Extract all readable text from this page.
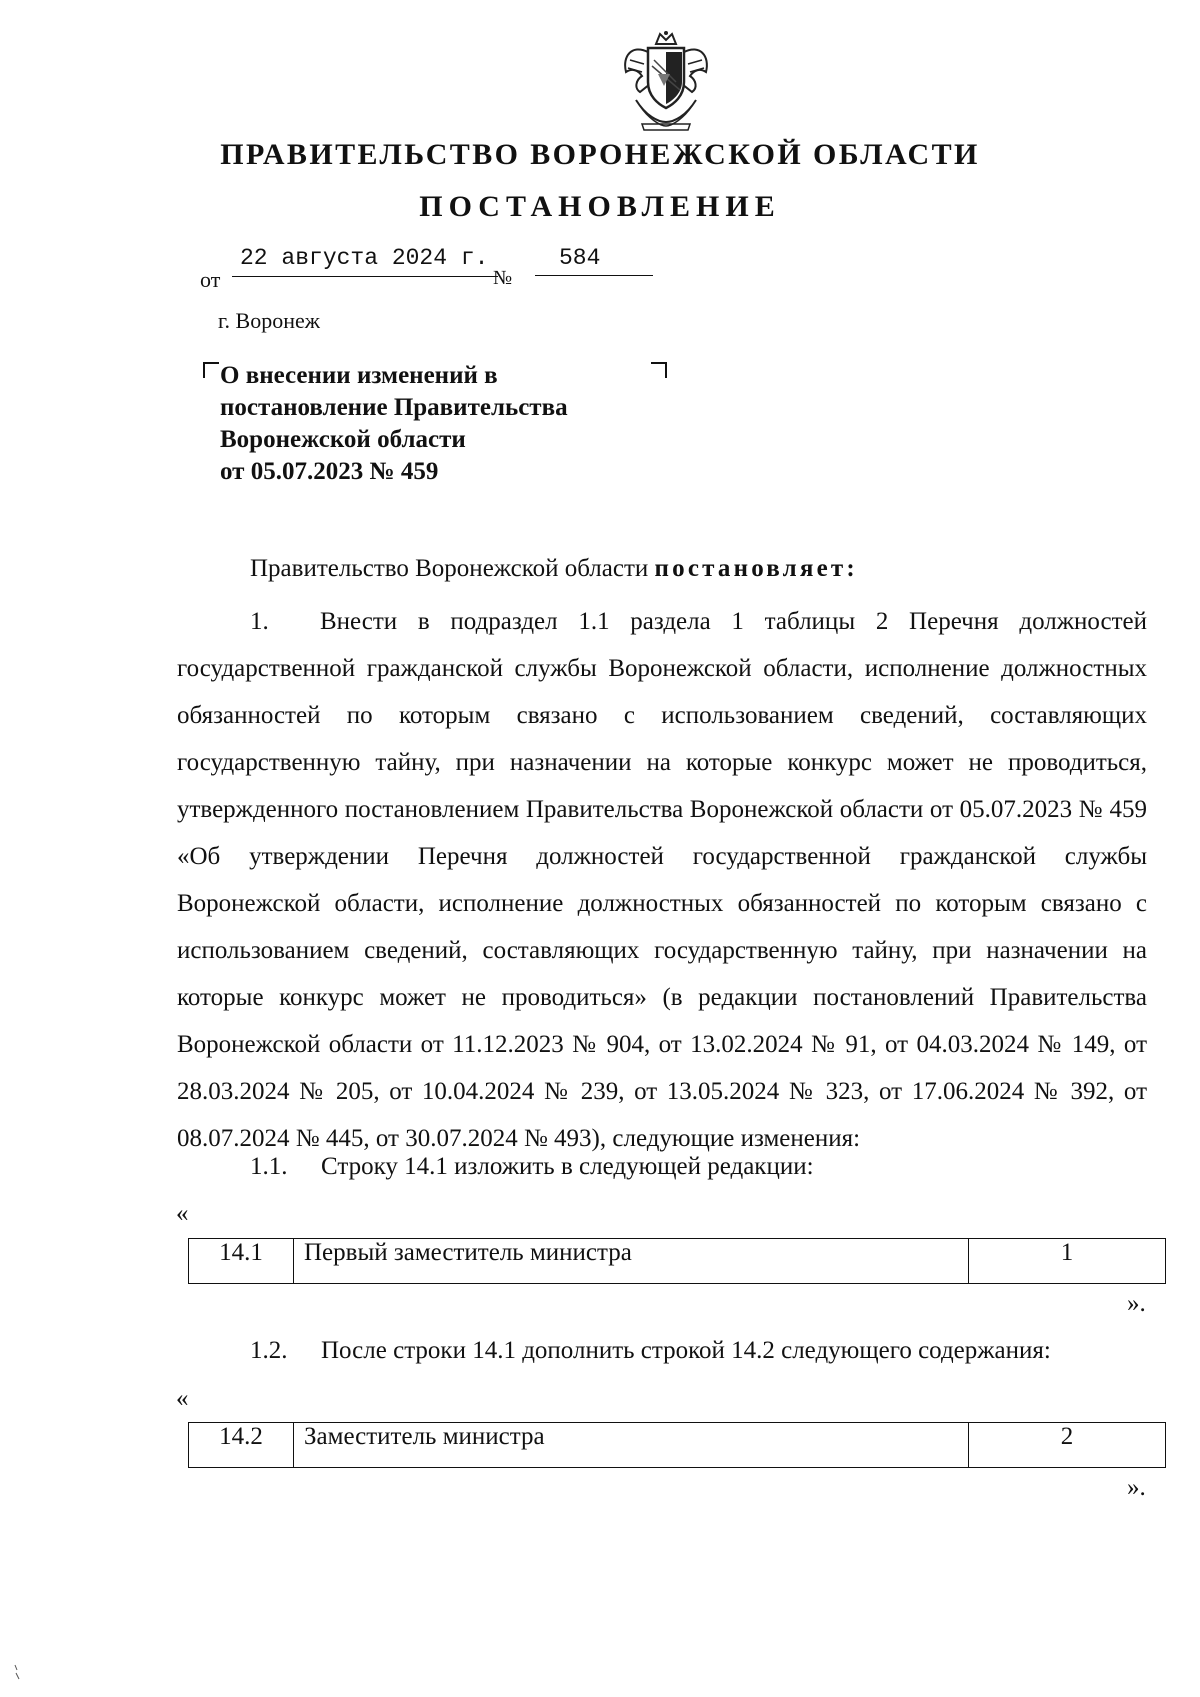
ПРАВИТЕЛЬСТВО ВОРОНЕЖСКОЙ ОБЛАСТИ
ПОСТАНОВЛЕНИЕ
от
22 августа 2024 г.
№
584
г. Воронеж
О внесении изменений в
постановление Правительства
Воронежской области
от 05.07.2023 № 459
Правительство Воронежской области постановляет:
1. Внести в подраздел 1.1 раздела 1 таблицы 2 Перечня должностей государственной гражданской службы Воронежской области, исполнение должностных обязанностей по которым связано с использованием сведений, составляющих государственную тайну, при назначении на которые конкурс может не проводиться, утвержденного постановлением Правительства Воронежской области от 05.07.2023 № 459 «Об утверждении Перечня должностей государственной гражданской службы Воронежской области, исполнение должностных обязанностей по которым связано с использованием сведений, составляющих государственную тайну, при назначении на которые конкурс может не проводиться» (в редакции постановлений Правительства Воронежской области от 11.12.2023 № 904, от 13.02.2024 № 91, от 04.03.2024 № 149, от 28.03.2024 № 205, от 10.04.2024 № 239, от 13.05.2024 № 323, от 17.06.2024 № 392, от 08.07.2024 № 445, от 30.07.2024 № 493), следующие изменения:
1.1. Строку 14.1 изложить в следующей редакции:
«
14.1	Первый заместитель министра	1
».
1.2. После строки 14.1 дополнить строкой 14.2 следующего содержания:
«
14.2	Заместитель министра	2
».
